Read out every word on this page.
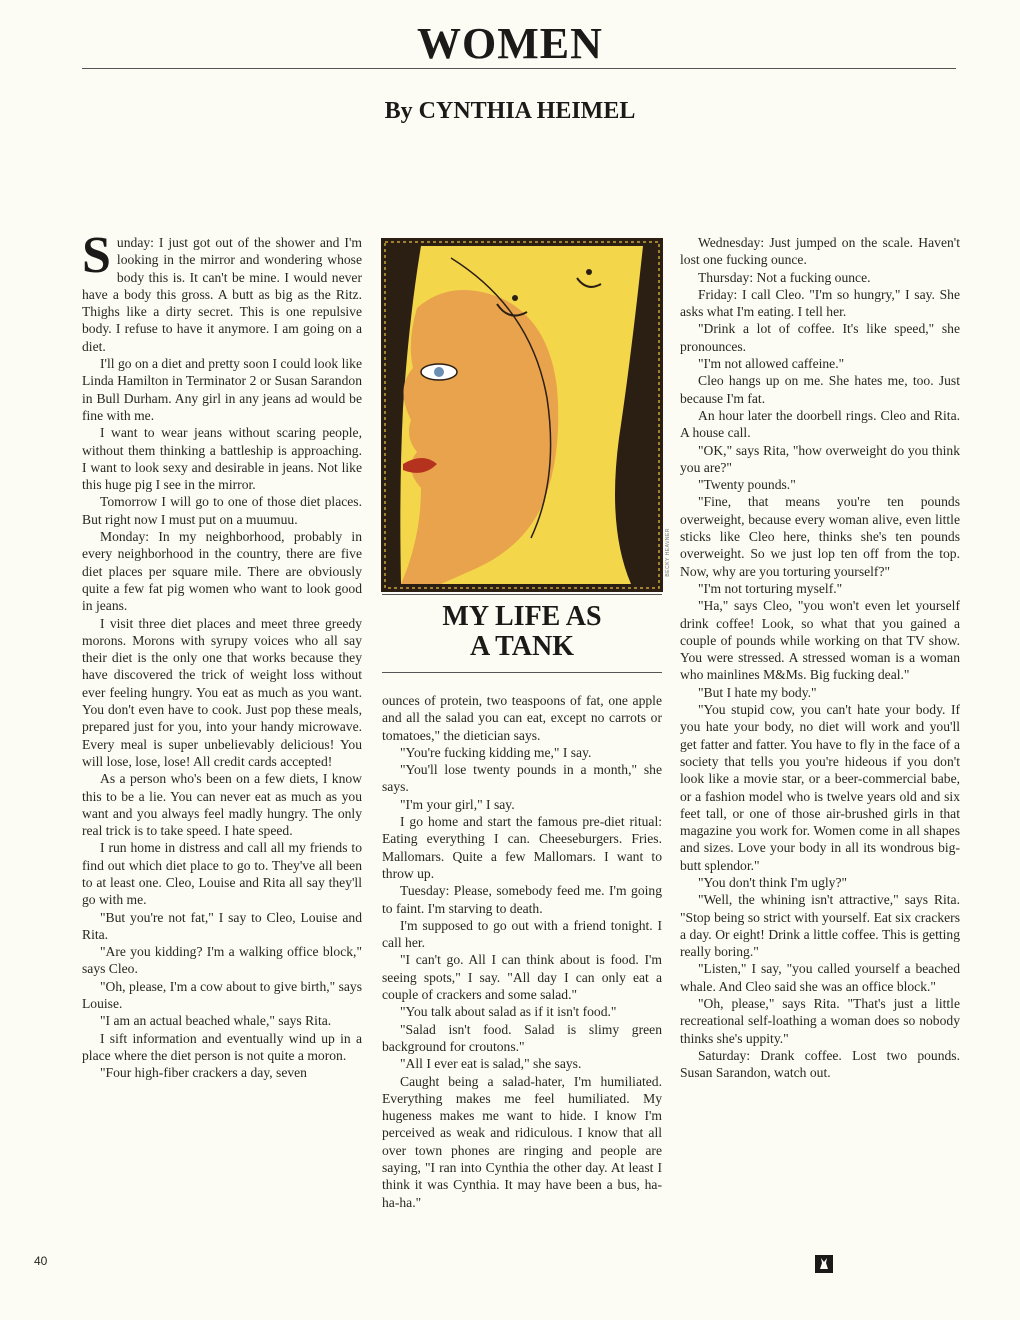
WOMEN
By CYNTHIA HEIMEL

Sunday: I just got out of the shower and I'm looking in the mirror and wondering whose body this is. It can't be mine. I would never have a body this gross. A butt as big as the Ritz. Thighs like a dirty secret. This is one repulsive body. I refuse to have it anymore. I am going on a diet.

I'll go on a diet and pretty soon I could look like Linda Hamilton in Terminator 2 or Susan Sarandon in Bull Durham. Any girl in any jeans ad would be fine with me.

I want to wear jeans without scaring people, without them thinking a battleship is approaching. I want to look sexy and desirable in jeans. Not like this huge pig I see in the mirror.

Tomorrow I will go to one of those diet places. But right now I must put on a muumuu.

Monday: In my neighborhood, probably in every neighborhood in the country, there are five diet places per square mile. There are obviously quite a few fat pig women who want to look good in jeans.

I visit three diet places and meet three greedy morons. Morons with syrupy voices who all say their diet is the only one that works because they have discovered the trick of weight loss without ever feeling hungry. You eat as much as you want. You don't even have to cook. Just pop these meals, prepared just for you, into your handy microwave. Every meal is super unbelievably delicious! You will lose, lose, lose! All credit cards accepted!

As a person who's been on a few diets, I know this to be a lie. You can never eat as much as you want and you always feel madly hungry. The only real trick is to take speed. I hate speed.

I run home in distress and call all my friends to find out which diet place to go to. They've all been to at least one. Cleo, Louise and Rita all say they'll go with me.

"But you're not fat," I say to Cleo, Louise and Rita.

"Are you kidding? I'm a walking office block," says Cleo.

"Oh, please, I'm a cow about to give birth," says Louise.

"I am an actual beached whale," says Rita.

I sift information and eventually wind up in a place where the diet person is not quite a moron.

"Four high-fiber crackers a day, seven

BECKY HEAVNER
MY LIFE AS
A TANK

ounces of protein, two teaspoons of fat, one apple and all the salad you can eat, except no carrots or tomatoes," the dietician says.

"You're fucking kidding me," I say.

"You'll lose twenty pounds in a month," she says.

"I'm your girl," I say.

I go home and start the famous pre-diet ritual: Eating everything I can. Cheeseburgers. Fries. Mallomars. Quite a few Mallomars. I want to throw up.

Tuesday: Please, somebody feed me. I'm going to faint. I'm starving to death.

I'm supposed to go out with a friend tonight. I call her.

"I can't go. All I can think about is food. I'm seeing spots," I say. "All day I can only eat a couple of crackers and some salad."

"You talk about salad as if it isn't food."

"Salad isn't food. Salad is slimy green background for croutons."

"All I ever eat is salad," she says.

Caught being a salad-hater, I'm humiliated. Everything makes me feel humiliated. My hugeness makes me want to hide. I know I'm perceived as weak and ridiculous. I know that all over town phones are ringing and people are saying, "I ran into Cynthia the other day. At least I think it was Cynthia. It may have been a bus, ha-ha-ha."

Wednesday: Just jumped on the scale. Haven't lost one fucking ounce.

Thursday: Not a fucking ounce.

Friday: I call Cleo. "I'm so hungry," I say. She asks what I'm eating. I tell her.

"Drink a lot of coffee. It's like speed," she pronounces.

"I'm not allowed caffeine."

Cleo hangs up on me. She hates me, too. Just because I'm fat.

An hour later the doorbell rings. Cleo and Rita. A house call.

"OK," says Rita, "how overweight do you think you are?"

"Twenty pounds."

"Fine, that means you're ten pounds overweight, because every woman alive, even little sticks like Cleo here, thinks she's ten pounds overweight. So we just lop ten off from the top. Now, why are you torturing yourself?"

"I'm not torturing myself."

"Ha," says Cleo, "you won't even let yourself drink coffee! Look, so what that you gained a couple of pounds while working on that TV show. You were stressed. A stressed woman is a woman who mainlines M&Ms. Big fucking deal."

"But I hate my body."

"You stupid cow, you can't hate your body. If you hate your body, no diet will work and you'll get fatter and fatter. You have to fly in the face of a society that tells you you're hideous if you don't look like a movie star, or a beer-commercial babe, or a fashion model who is twelve years old and six feet tall, or one of those air-brushed girls in that magazine you work for. Women come in all shapes and sizes. Love your body in all its wondrous big-butt splendor."

"You don't think I'm ugly?"

"Well, the whining isn't attractive," says Rita. "Stop being so strict with yourself. Eat six crackers a day. Or eight! Drink a little coffee. This is getting really boring."

"Listen," I say, "you called yourself a beached whale. And Cleo said she was an office block."

"Oh, please," says Rita. "That's just a little recreational self-loathing a woman does so nobody thinks she's uppity."

Saturday: Drank coffee. Lost two pounds. Susan Sarandon, watch out.

40
